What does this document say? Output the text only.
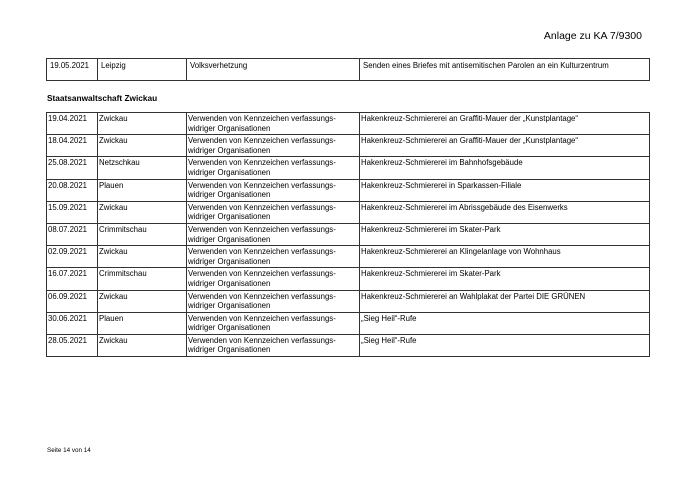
Anlage zu KA 7/9300
19.05.2021	Leipzig	Volksverhetzung	Senden eines Briefes mit antisemitischen Parolen an ein Kulturzentrum
Staatsanwaltschaft Zwickau
19.04.2021	Zwickau	Verwenden von Kennzeichen verfassungs-widriger Organisationen	Hakenkreuz-Schmiererei an Graffiti-Mauer der „Kunstplantage“
18.04.2021	Zwickau	Verwenden von Kennzeichen verfassungs-widriger Organisationen	Hakenkreuz-Schmiererei an Graffiti-Mauer der „Kunstplantage“
25.08.2021	Netzschkau	Verwenden von Kennzeichen verfassungs-widriger Organisationen	Hakenkreuz-Schmiererei im Bahnhofsgebäude
20.08.2021	Plauen	Verwenden von Kennzeichen verfassungs-widriger Organisationen	Hakenkreuz-Schmiererei in Sparkassen-Filiale
15.09.2021	Zwickau	Verwenden von Kennzeichen verfassungs-widriger Organisationen	Hakenkreuz-Schmiererei im Abrissgebäude des Eisenwerks
08.07.2021	Crimmitschau	Verwenden von Kennzeichen verfassungs-widriger Organisationen	Hakenkreuz-Schmiererei im Skater-Park
02.09.2021	Zwickau	Verwenden von Kennzeichen verfassungs-widriger Organisationen	Hakenkreuz-Schmiererei an Klingelanlage von Wohnhaus
16.07.2021	Crimmitschau	Verwenden von Kennzeichen verfassungs-widriger Organisationen	Hakenkreuz-Schmiererei im Skater-Park
06.09.2021	Zwickau	Verwenden von Kennzeichen verfassungs-widriger Organisationen	Hakenkreuz-Schmiererei an Wahlplakat der Partei DIE GRÜNEN
30.06.2021	Plauen	Verwenden von Kennzeichen verfassungs-widriger Organisationen	„Sieg Heil“-Rufe
28.05.2021	Zwickau	Verwenden von Kennzeichen verfassungs-widriger Organisationen	„Sieg Heil“-Rufe
Seite 14 von 14
